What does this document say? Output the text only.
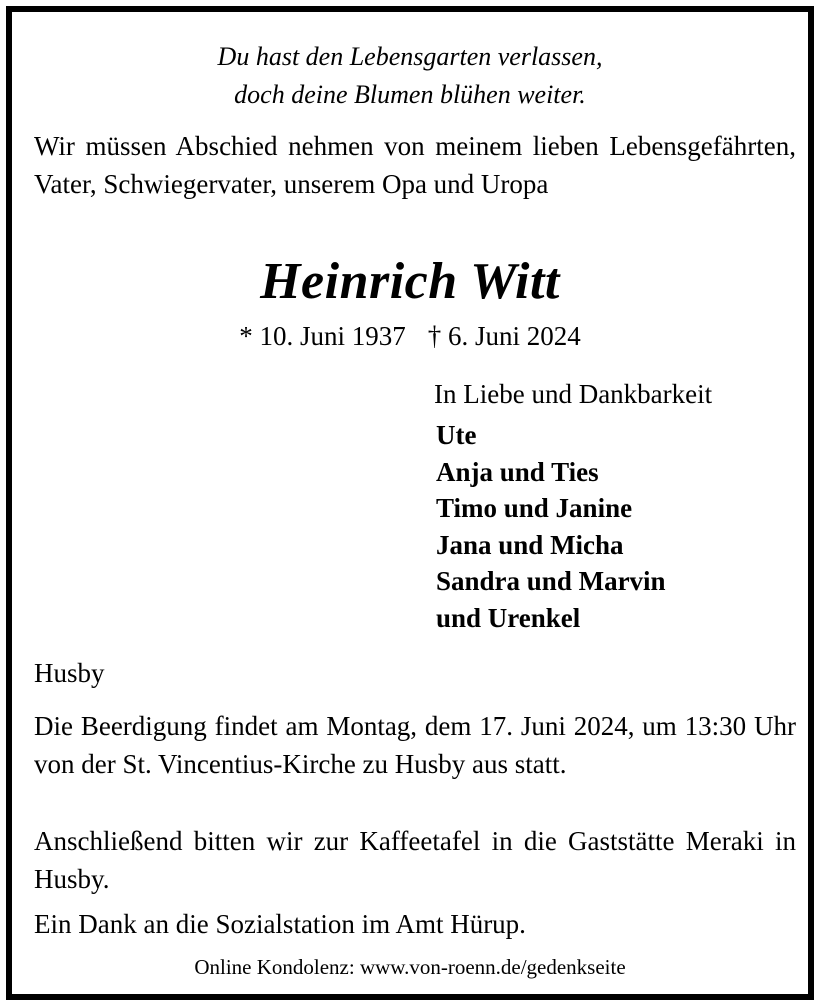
Du hast den Lebensgarten verlassen,
doch deine Blumen blühen weiter.
Wir müssen Abschied nehmen von meinem lieben Lebensgefährten, Vater, Schwiegervater, unserem Opa und Uropa
Heinrich Witt
* 10. Juni 1937 † 6. Juni 2024
In Liebe und Dankbarkeit
Ute
Anja und Ties
Timo und Janine
Jana und Micha
Sandra und Marvin
und Urenkel
Husby
Die Beerdigung findet am Montag, dem 17. Juni 2024, um 13:30 Uhr von der St. Vincentius-Kirche zu Husby aus statt.
Anschließend bitten wir zur Kaffeetafel in die Gaststätte Meraki in Husby.
Ein Dank an die Sozialstation im Amt Hürup.
Online Kondolenz: www.von-roenn.de/gedenkseite
